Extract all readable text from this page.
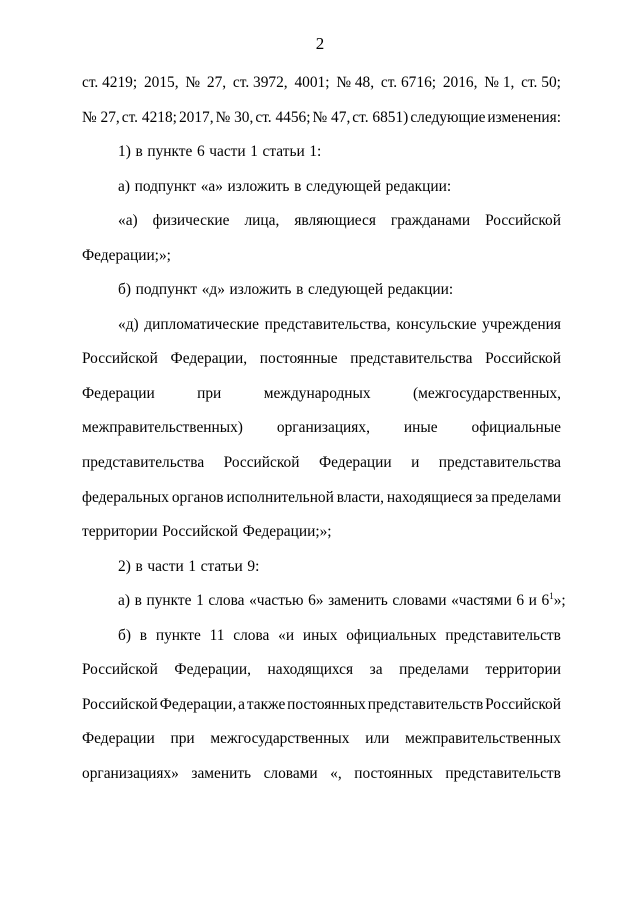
2
ст. 4219; 2015, № 27, ст. 3972, 4001; № 48, ст. 6716; 2016, № 1, ст. 50;
№ 27, ст. 4218; 2017, № 30, ст. 4456; № 47, ст. 6851) следующие изменения:
1) в пункте 6 части 1 статьи 1:
а) подпункт «а» изложить в следующей редакции:
«а) физические лица, являющиеся гражданами Российской
Федерации;»;
б) подпункт «д» изложить в следующей редакции:
«д) дипломатические представительства, консульские учреждения
Российской Федерации, постоянные представительства Российской
Федерации	при	международных	(межгосударственных,
межправительственных) организациях, иные официальные
представительства Российской Федерации и представительства
федеральных органов исполнительной власти, находящиеся за пределами
территории Российской Федерации;»;
2) в части 1 статьи 9:
а) в пункте 1 слова «частью 6» заменить словами «частями 6 и $6^1$»;
б) в пункте 11 слова «и иных официальных представительств
Российской Федерации, находящихся за пределами территории
Российской Федерации, а также постоянных представительств Российской
Федерации при межгосударственных или межправительственных
организациях» заменить словами «, постоянных представительств
